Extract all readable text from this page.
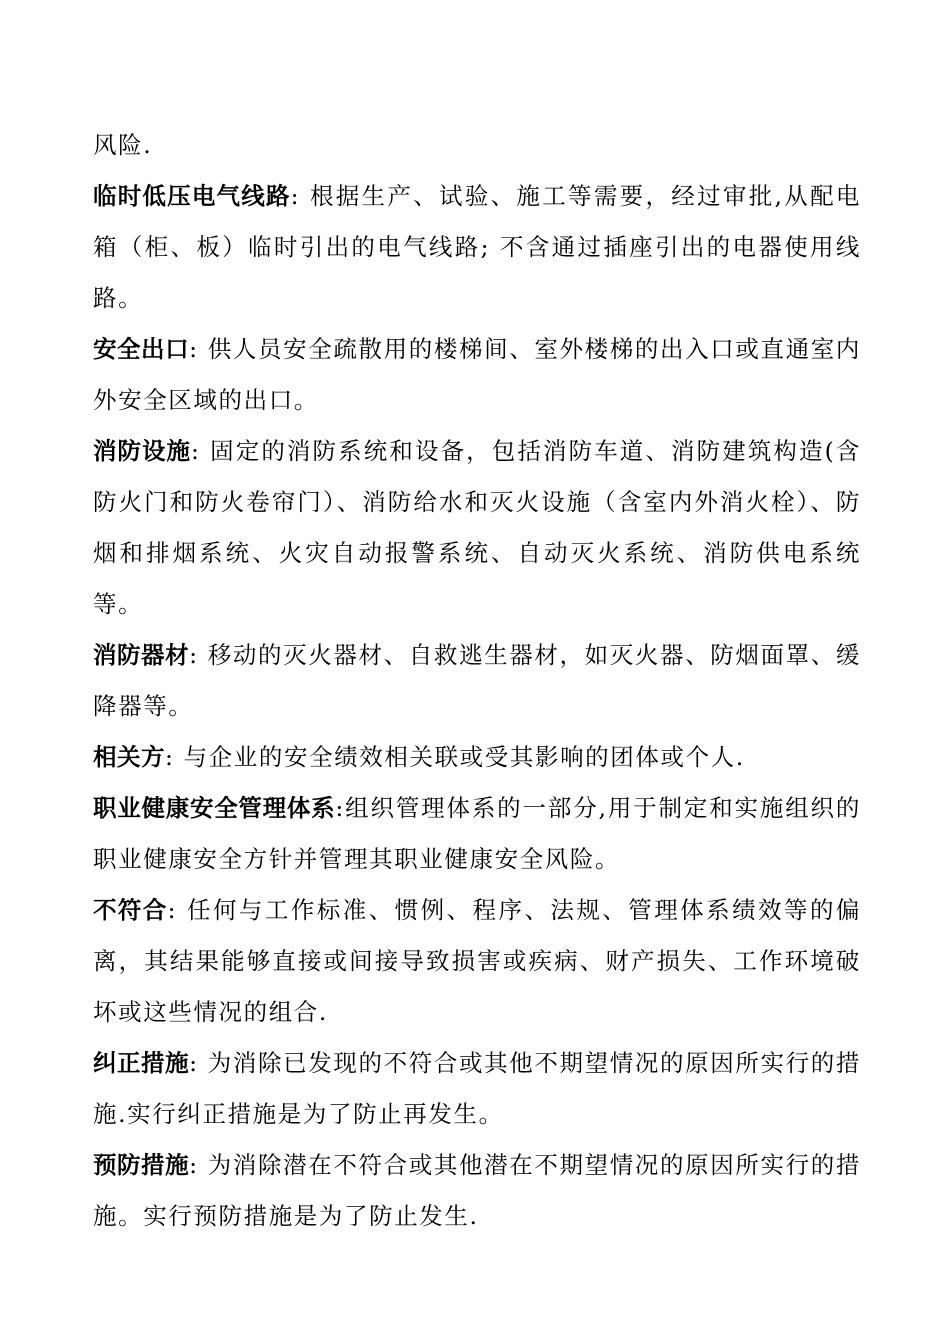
风险.

临时低压电气线路: 根据生产、试验、施工等需要，经过审批,从配电箱（柜、板）临时引出的电气线路; 不含通过插座引出的电器使用线路。

安全出口: 供人员安全疏散用的楼梯间、室外楼梯的出入口或直通室内外安全区域的出口。

消防设施: 固定的消防系统和设备，包括消防车道、消防建筑构造(含防火门和防火卷帘门）、消防给水和灭火设施（含室内外消火栓）、防烟和排烟系统、火灾自动报警系统、自动灭火系统、消防供电系统等。

消防器材: 移动的灭火器材、自救逃生器材，如灭火器、防烟面罩、缓降器等。

相关方: 与企业的安全绩效相关联或受其影响的团体或个人.

职业健康安全管理体系:组织管理体系的一部分,用于制定和实施组织的职业健康安全方针并管理其职业健康安全风险。

不符合: 任何与工作标准、惯例、程序、法规、管理体系绩效等的偏离，其结果能够直接或间接导致损害或疾病、财产损失、工作环境破坏或这些情况的组合.

纠正措施: 为消除已发现的不符合或其他不期望情况的原因所实行的措施.实行纠正措施是为了防止再发生。

预防措施: 为消除潜在不符合或其他潜在不期望情况的原因所实行的措施。实行预防措施是为了防止发生.
